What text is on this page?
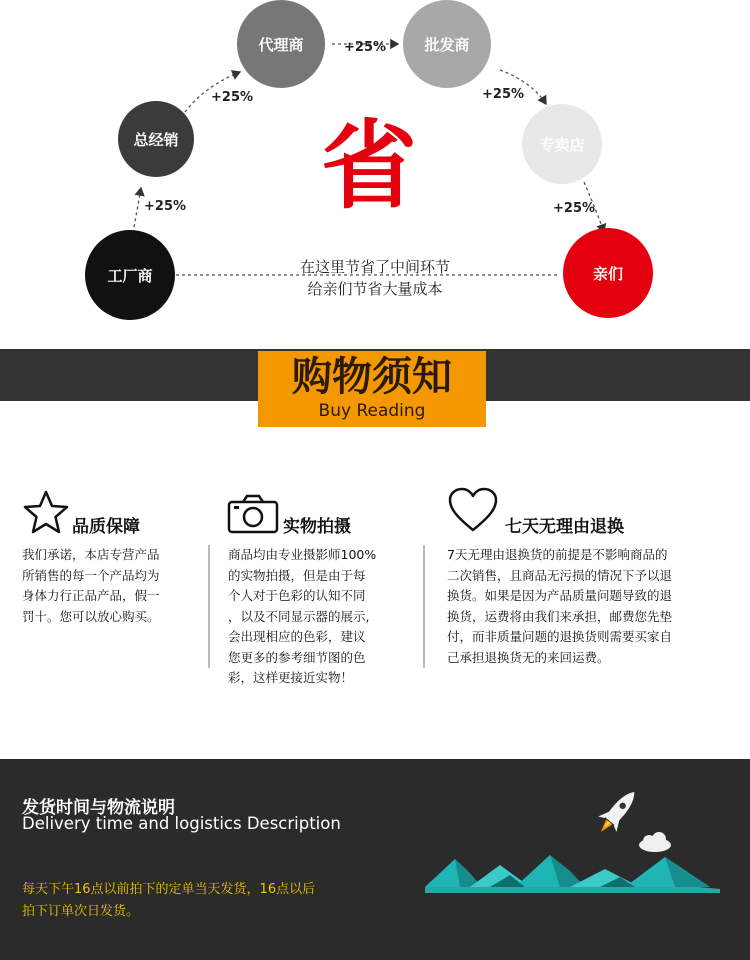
工厂商
总经销
代理商	批发商
专卖店
亲们
+25%
+25%
+25%
+25%
+25%
省
在这里节省了中间环节
给亲们节省大量成本
购物须知
Buy Reading
品质保障
我们承诺，本店专营产品
所销售的每一个产品均为
身体力行正品产品，假一
罚十。您可以放心购买。
实物拍摄
商品均由专业摄影师100%
的实物拍摄，但是由于每
个人对于色彩的认知不同
，以及不同显示器的展示,
会出现相应的色彩，建议
您更多的参考细节图的色
彩，这样更接近实物！
七天无理由退换
7天无理由退换货的前提是不影响商品的
二次销售，且商品无污损的情况下予以退
换货。如果是因为产品质量问题导致的退
换货，运费将由我们来承担，邮费您先垫
付，而非质量问题的退换货则需要买家自
己承担退换货无的来回运费。
发货时间与物流说明
Delivery time and logistics Description
每天下午16点以前拍下的定单当天发货，16点以后
拍下订单次日发货。
